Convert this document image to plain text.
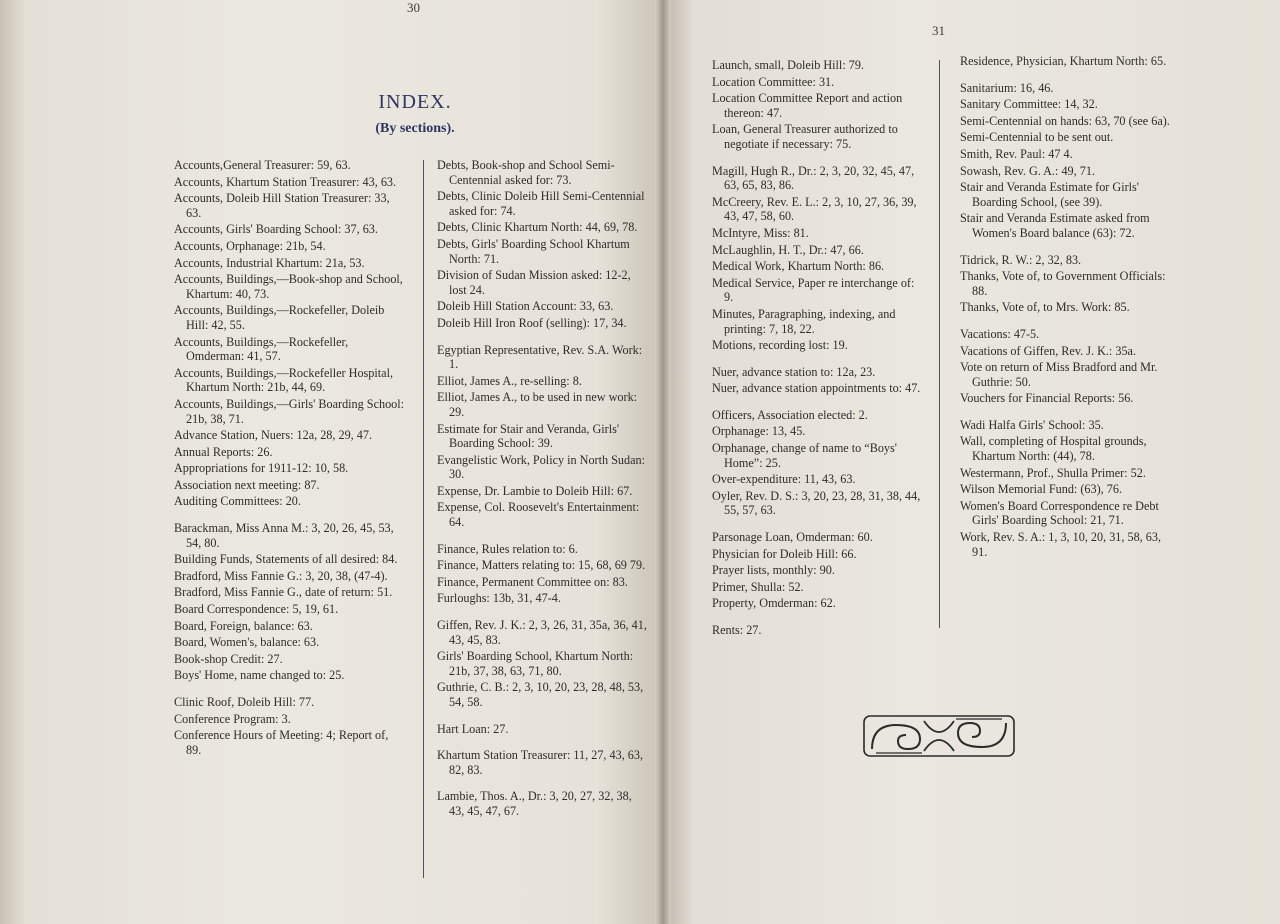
30
31
INDEX.
(By sections).
Accounts,General Treasurer: 59, 63.
Accounts, Khartum Station Treasurer: 43, 63.
Accounts, Doleib Hill Station Treasurer: 33, 63.
Accounts, Girls' Boarding School: 37, 63.
Accounts, Orphanage: 21b, 54.
Accounts, Industrial Khartum: 21a, 53.
Accounts, Buildings,—Book-shop and School, Khartum: 40, 73.
Accounts, Buildings,—Rockefeller, Doleib Hill: 42, 55.
Accounts, Buildings,—Rockefeller, Omderman: 41, 57.
Accounts, Buildings,—Rockefeller Hospital, Khartum North: 21b, 44, 69.
Accounts, Buildings,—Girls' Boarding School: 21b, 38, 71.
Advance Station, Nuers: 12a, 28, 29, 47.
Annual Reports: 26.
Appropriations for 1911-12: 10, 58.
Association next meeting: 87.
Auditing Committees: 20.
Barackman, Miss Anna M.: 3, 20, 26, 45, 53, 54, 80.
Building Funds, Statements of all desired: 84.
Bradford, Miss Fannie G.: 3, 20, 38, (47-4).
Bradford, Miss Fannie G., date of return: 51.
Board Correspondence: 5, 19, 61.
Board, Foreign, balance: 63.
Board, Women's, balance: 63.
Book-shop Credit: 27.
Boys' Home, name changed to: 25.
Clinic Roof, Doleib Hill: 77.
Conference Program: 3.
Conference Hours of Meeting: 4; Report of, 89.
Debts, Book-shop and School Semi-Centennial asked for: 73.
Debts, Clinic Doleib Hill Semi-Centennial asked for: 74.
Debts, Clinic Khartum North: 44, 69, 78.
Debts, Girls' Boarding School Khartum North: 71.
Division of Sudan Mission asked: 12-2, lost 24.
Doleib Hill Station Account: 33, 63.
Doleib Hill Iron Roof (selling): 17, 34.
Egyptian Representative, Rev. S.A. Work: 1.
Elliot, James A., re-selling: 8.
Elliot, James A., to be used in new work: 29.
Estimate for Stair and Veranda, Girls' Boarding School: 39.
Evangelistic Work, Policy in North Sudan: 30.
Expense, Dr. Lambie to Doleib Hill: 67.
Expense, Col. Roosevelt's Entertainment: 64.
Finance, Rules relation to: 6.
Finance, Matters relating to: 15, 68, 69 79.
Finance, Permanent Committee on: 83.
Furloughs: 13b, 31, 47-4.
Giffen, Rev. J. K.: 2, 3, 26, 31, 35a, 36, 41, 43, 45, 83.
Girls' Boarding School, Khartum North: 21b, 37, 38, 63, 71, 80.
Guthrie, C. B.: 2, 3, 10, 20, 23, 28, 48, 53, 54, 58.
Hart Loan: 27.
Khartum Station Treasurer: 11, 27, 43, 63, 82, 83.
Lambie, Thos. A., Dr.: 3, 20, 27, 32, 38, 43, 45, 47, 67.
Launch, small, Doleib Hill: 79.
Location Committee: 31.
Location Committee Report and action thereon: 47.
Loan, General Treasurer authorized to negotiate if necessary: 75.
Magill, Hugh R., Dr.: 2, 3, 20, 32, 45, 47, 63, 65, 83, 86.
McCreery, Rev. E. L.: 2, 3, 10, 27, 36, 39, 43, 47, 58, 60.
McIntyre, Miss: 81.
McLaughlin, H. T., Dr.: 47, 66.
Medical Work, Khartum North: 86.
Medical Service, Paper re interchange of: 9.
Minutes, Paragraphing, indexing, and printing: 7, 18, 22.
Motions, recording lost: 19.
Nuer, advance station to: 12a, 23.
Nuer, advance station appointments to: 47.
Officers, Association elected: 2.
Orphanage: 13, 45.
Orphanage, change of name to “Boys' Home”: 25.
Over-expenditure: 11, 43, 63.
Oyler, Rev. D. S.: 3, 20, 23, 28, 31, 38, 44, 55, 57, 63.
Parsonage Loan, Omderman: 60.
Physician for Doleib Hill: 66.
Prayer lists, monthly: 90.
Primer, Shulla: 52.
Property, Omderman: 62.
Rents: 27.
Residence, Physician, Khartum North: 65.
Sanitarium: 16, 46.
Sanitary Committee: 14, 32.
Semi-Centennial on hands: 63, 70 (see 6a).
Semi-Centennial to be sent out.
Smith, Rev. Paul: 47 4.
Sowash, Rev. G. A.: 49, 71.
Stair and Veranda Estimate for Girls' Boarding School, (see 39).
Stair and Veranda Estimate asked from Women's Board balance (63): 72.
Tidrick, R. W.: 2, 32, 83.
Thanks, Vote of, to Government Officials: 88.
Thanks, Vote of, to Mrs. Work: 85.
Vacations: 47-5.
Vacations of Giffen, Rev. J. K.: 35a.
Vote on return of Miss Bradford and Mr. Guthrie: 50.
Vouchers for Financial Reports: 56.
Wadi Halfa Girls' School: 35.
Wall, completing of Hospital grounds, Khartum North: (44), 78.
Westermann, Prof., Shulla Primer: 52.
Wilson Memorial Fund: (63), 76.
Women's Board Correspondence re Debt Girls' Boarding School: 21, 71.
Work, Rev. S. A.: 1, 3, 10, 20, 31, 58, 63, 91.
